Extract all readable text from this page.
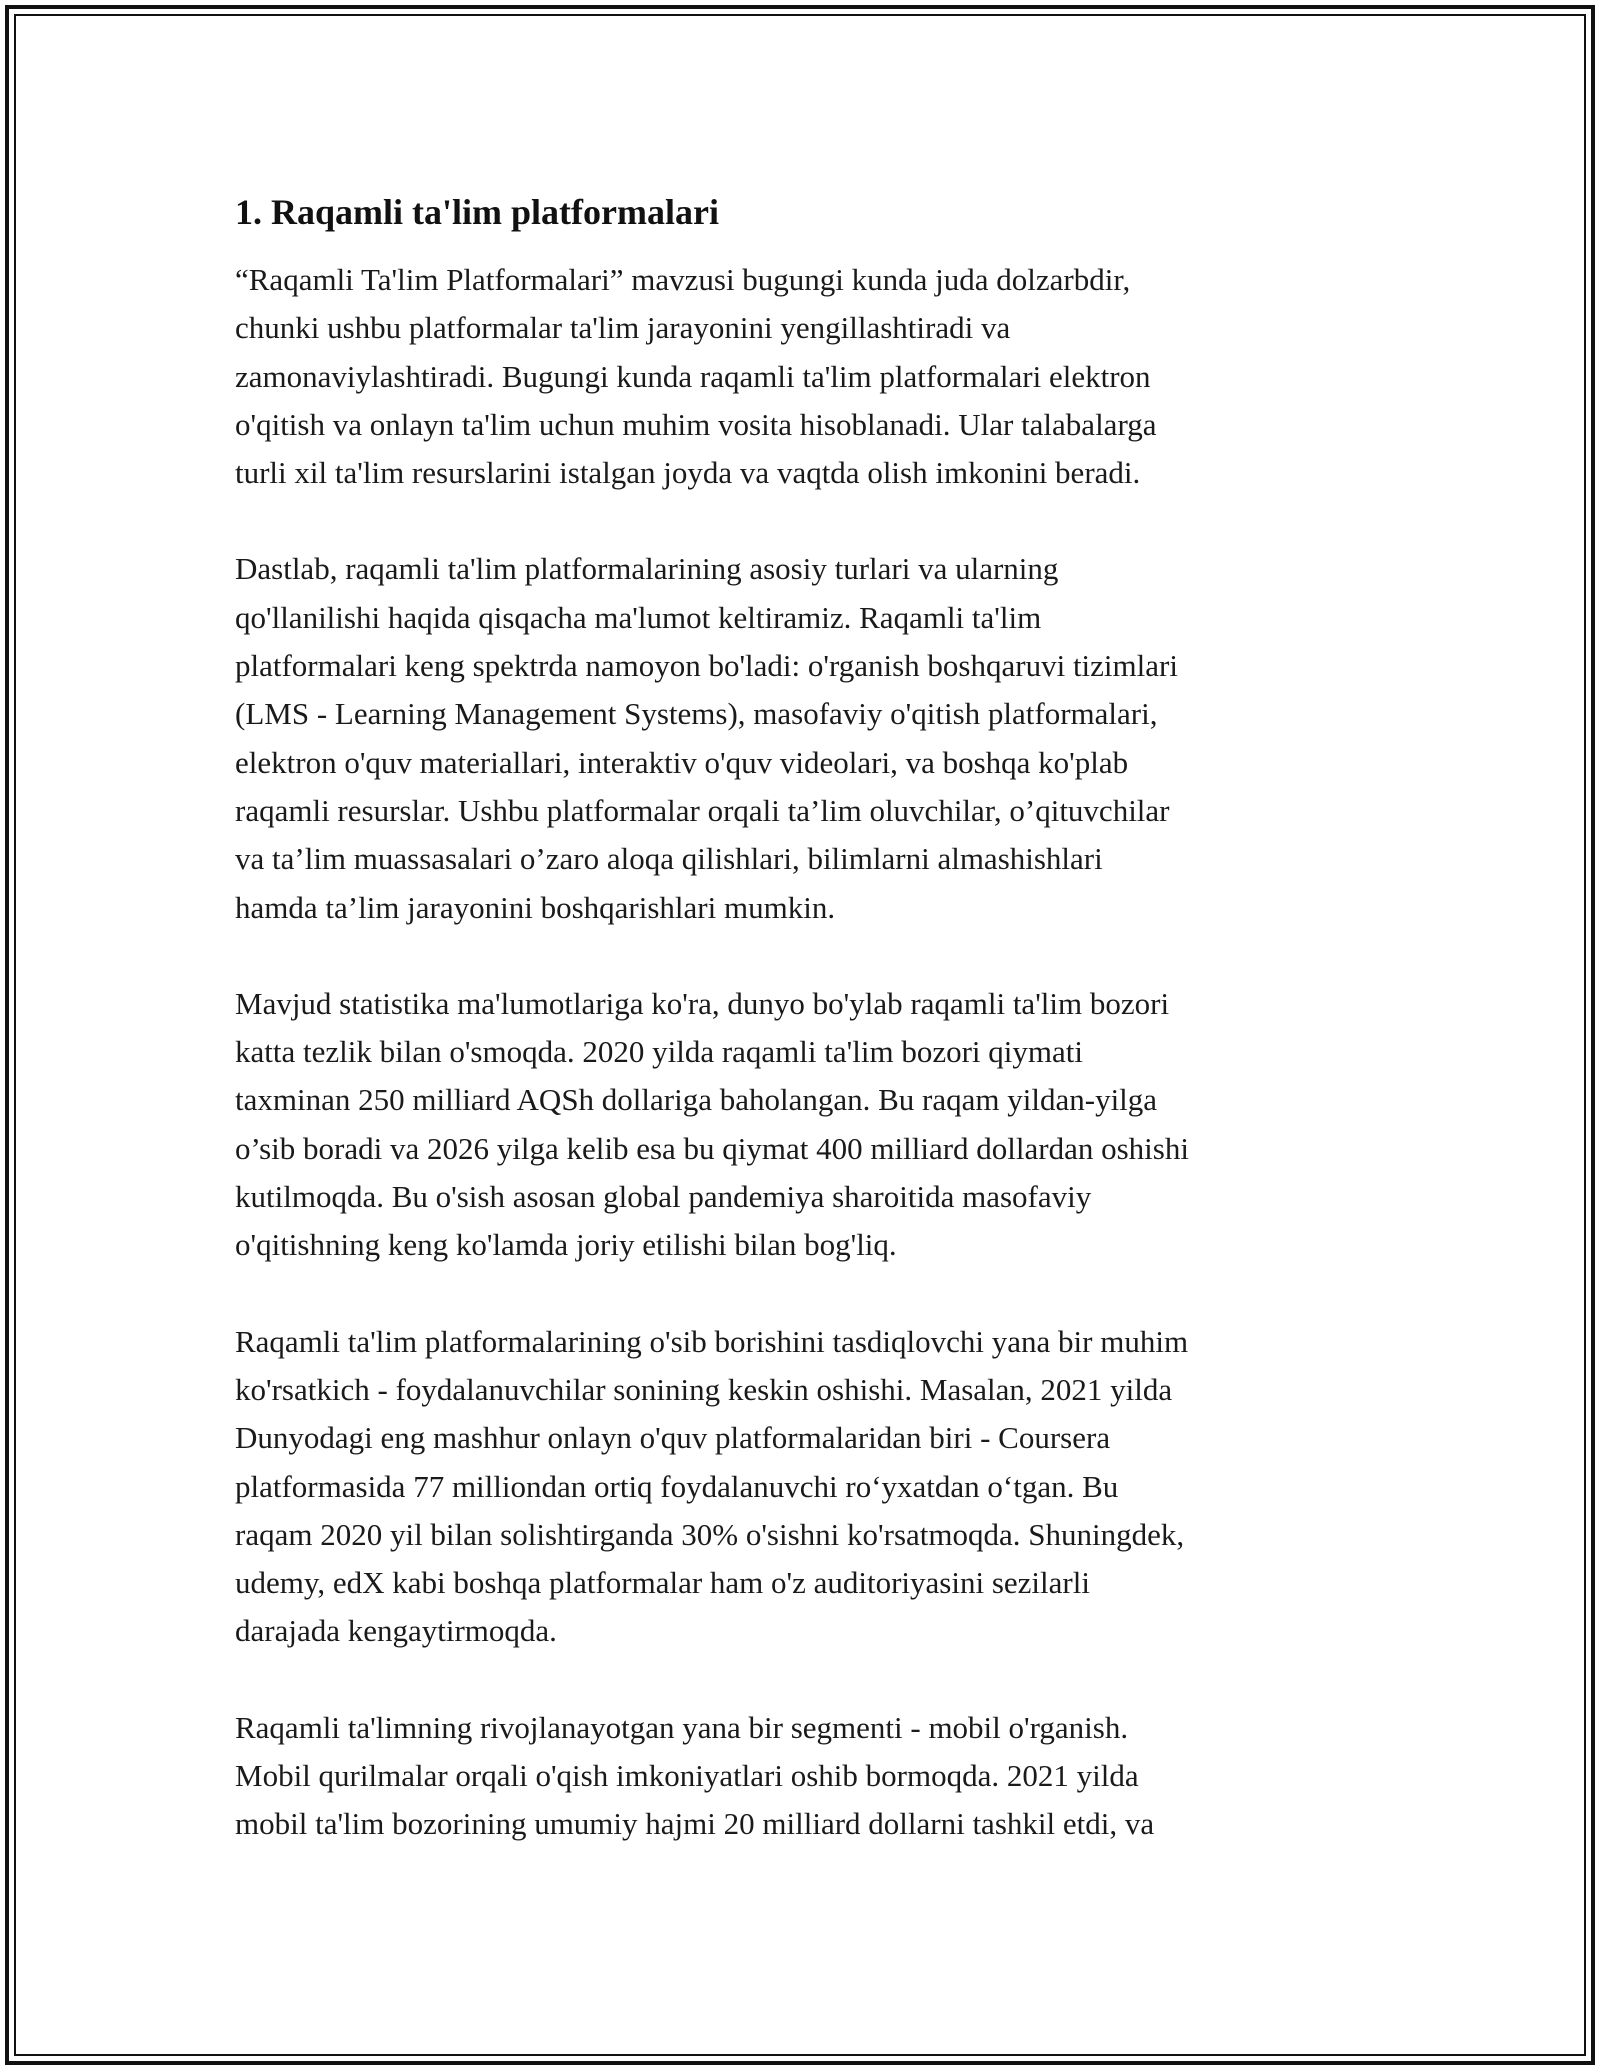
1. Raqamli ta'lim platformalari

“Raqamli Ta'lim Platformalari” mavzusi bugungi kunda juda dolzarbdir,
chunki ushbu platformalar ta'lim jarayonini yengillashtiradi va
zamonaviylashtiradi. Bugungi kunda raqamli ta'lim platformalari elektron
o'qitish va onlayn ta'lim uchun muhim vosita hisoblanadi. Ular talabalarga
turli xil ta'lim resurslarini istalgan joyda va vaqtda olish imkonini beradi.

Dastlab, raqamli ta'lim platformalarining asosiy turlari va ularning
qo'llanilishi haqida qisqacha ma'lumot keltiramiz. Raqamli ta'lim
platformalari keng spektrda namoyon bo'ladi: o'rganish boshqaruvi tizimlari
(LMS - Learning Management Systems), masofaviy o'qitish platformalari,
elektron o'quv materiallari, interaktiv o'quv videolari, va boshqa ko'plab
raqamli resurslar. Ushbu platformalar orqali ta’lim oluvchilar, o’qituvchilar
va ta’lim muassasalari o’zaro aloqa qilishlari, bilimlarni almashishlari
hamda ta’lim jarayonini boshqarishlari mumkin.

Mavjud statistika ma'lumotlariga ko'ra, dunyo bo'ylab raqamli ta'lim bozori
katta tezlik bilan o'smoqda. 2020 yilda raqamli ta'lim bozori qiymati
taxminan 250 milliard AQSh dollariga baholangan. Bu raqam yildan-yilga
o’sib boradi va 2026 yilga kelib esa bu qiymat 400 milliard dollardan oshishi
kutilmoqda. Bu o'sish asosan global pandemiya sharoitida masofaviy
o'qitishning keng ko'lamda joriy etilishi bilan bog'liq.

Raqamli ta'lim platformalarining o'sib borishini tasdiqlovchi yana bir muhim
ko'rsatkich - foydalanuvchilar sonining keskin oshishi. Masalan, 2021 yilda
Dunyodagi eng mashhur onlayn o'quv platformalaridan biri - Coursera
platformasida 77 milliondan ortiq foydalanuvchi ro‘yxatdan o‘tgan. Bu
raqam 2020 yil bilan solishtirganda 30% o'sishni ko'rsatmoqda. Shuningdek,
udemy, edX kabi boshqa platformalar ham o'z auditoriyasini sezilarli
darajada kengaytirmoqda.

Raqamli ta'limning rivojlanayotgan yana bir segmenti - mobil o'rganish.
Mobil qurilmalar orqali o'qish imkoniyatlari oshib bormoqda. 2021 yilda
mobil ta'lim bozorining umumiy hajmi 20 milliard dollarni tashkil etdi, va
